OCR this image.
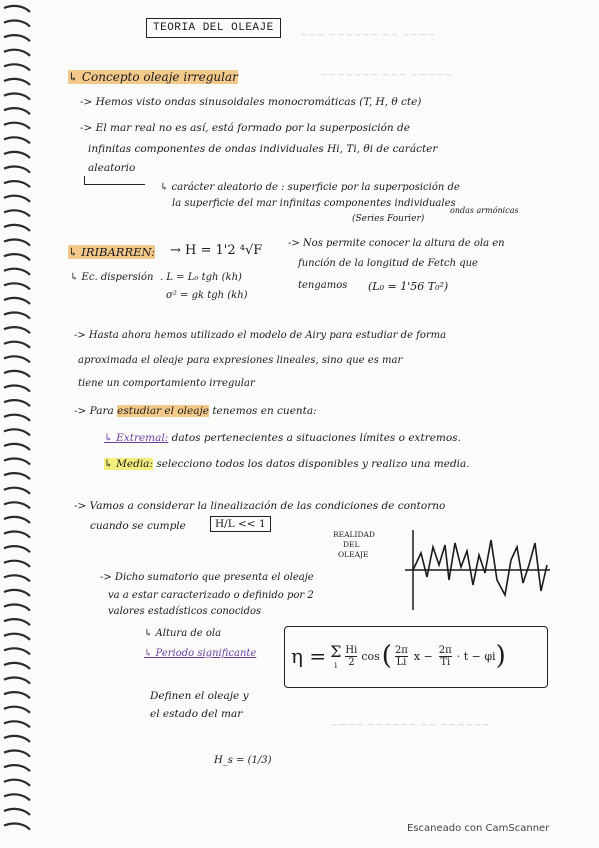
~~~ ~~~~~~ ~~ ~~~~
~~~~~~~ ~~~ ~~~~~
~~~~ ~~~~~~ ~~ ~~~~~~
TEORIA DEL OLEAJE
↳ Concepto oleaje irregular
-> Hemos visto ondas sinusoidales monocromáticas (T, H, θ cte)
-> El mar real no es así, está formado por la superposición de
infinitas componentes de ondas individuales Hi, Ti, θi de carácter
aleatorio
↳ carácter aleatorio de : superficie por la superposición de
la superficie del mar infinitas componentes individuales
(Series Fourier)
ondas armónicas
↳ IRIBARREN: → H = 1'2 ⁴√F	-> Nos permite conocer la altura de ola en
función de la longitud de Fetch que
tengamos (L₀ = 1'56 T₀²)
↳ Ec. dispersión . L = L₀ tgh (kh)
σ² = gk tgh (kh)
-> Hasta ahora hemos utilizado el modelo de Airy para estudiar de forma
aproximada el oleaje para expresiones lineales, sino que es mar
tiene un comportamiento irregular
-> Para estudiar el oleaje tenemos en cuenta:
↳ Extremal: datos pertenecientes a situaciones límites o extremos.
↳ Media: selecciono todos los datos disponibles y realizo una media.
-> Vamos a considerar la linealización de las condiciones de contorno
cuando se cumple	H/L << 1
REALIDAD
DEL
OLEAJE
-> Dicho sumatorio que presenta el oleaje
va a estar caracterizado o definido por 2
valores estadísticos conocidos
↳ Altura de ola
↳ Periodo significante
Definen el oleaje y
el estado del mar
η = Σ
i $\frac{Hi}{2}$ cos ( $\frac{2\pi}{Li}$ $x - \frac{2\pi}{Ti} \cdot t - \varphi i$ )
H_s = (1/3)
Escaneado con CamScanner
